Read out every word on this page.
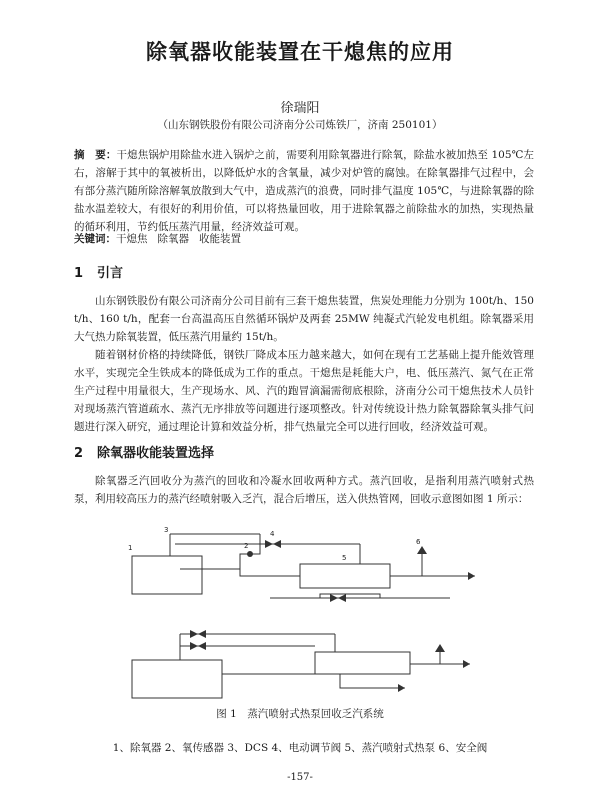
除氧器收能装置在干熄焦的应用
徐瑞阳
（山东钢铁股份有限公司济南分公司炼铁厂，济南 250101）

摘　要：干熄焦锅炉用除盐水进入锅炉之前，需要利用除氧器进行除氧，除盐水被加热至 105℃左右，溶解于其中的氧被析出，以降低炉水的含氧量，减少对炉管的腐蚀。在除氧器排气过程中，会有部分蒸汽随所除溶解氧放散到大气中，造成蒸汽的浪费，同时排气温度 105℃，与进除氧器的除盐水温差较大，有很好的利用价值，可以将热量回收，用于进除氧器之前除盐水的加热，实现热量的循环利用，节约低压蒸汽用量，经济效益可观。

关键词：干熄焦 除氧器 收能装置

1 引言

山东钢铁股份有限公司济南分公司目前有三套干熄焦装置，焦炭处理能力分别为 100t/h、150 t/h、160 t/h，配套一台高温高压自然循环锅炉及两套 25MW 纯凝式汽轮发电机组。除氧器采用大气热力除氧装置，低压蒸汽用量约 15t/h。

随着钢材价格的持续降低，钢铁厂降成本压力越来越大，如何在现有工艺基础上提升能效管理水平，实现完全生铁成本的降低成为工作的重点。干熄焦是耗能大户，电、低压蒸汽、氮气在正常生产过程中用量很大，生产现场水、风、汽的跑冒滴漏需彻底根除，济南分公司干熄焦技术人员针对现场蒸汽管道疏水、蒸汽无序排放等问题进行逐项整改。针对传统设计热力除氧器除氧头排气问题进行深入研究，通过理论计算和效益分析，排气热量完全可以进行回收，经济效益可观。

2 除氧器收能装置选择

除氧器乏汽回收分为蒸汽的回收和冷凝水回收两种方式。蒸汽回收，是指利用蒸汽喷射式热泵，利用较高压力的蒸汽经喷射吸入乏汽，混合后增压，送入供热管网，回收示意图如图 1 所示：

1	2
3	4
5
6
图 1　蒸汽喷射式热泵回收乏汽系统
1、除氧器 2、氧传感器 3、DCS 4、电动调节阀 5、蒸汽喷射式热泵 6、安全阀
-157-
